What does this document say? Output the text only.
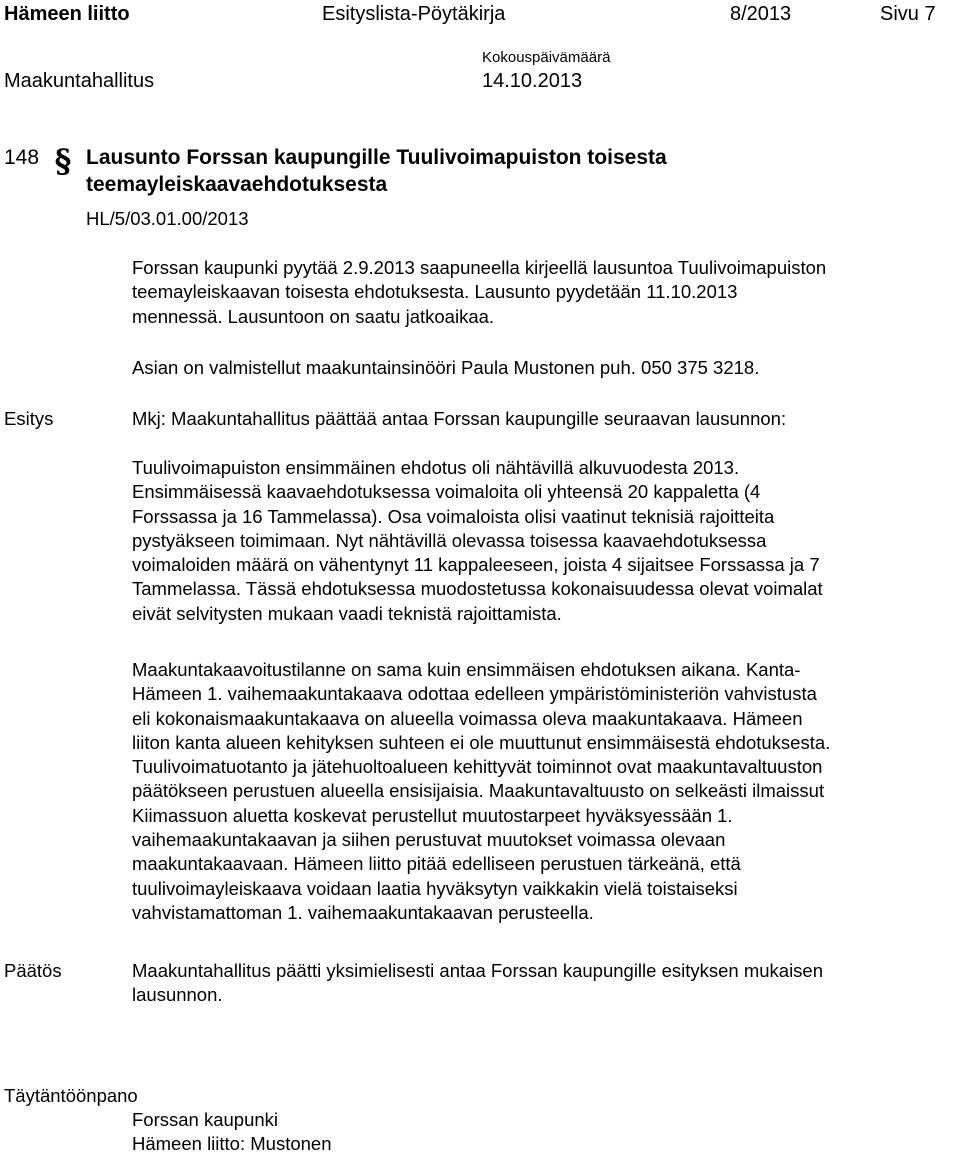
Hämeen liitto	Esityslista-Pöytäkirja	8/2013	Sivu 7
Kokouspäivämäärä
Maakuntahallitus	14.10.2013
148 § Lausunto Forssan kaupungille Tuulivoimapuiston toisesta
teemayleiskaavaehdotuksesta
HL/5/03.01.00/2013
Forssan kaupunki pyytää 2.9.2013 saapuneella kirjeellä lausuntoa Tuulivoimapuiston
teemayleiskaavan toisesta ehdotuksesta. Lausunto pyydetään 11.10.2013
mennessä. Lausuntoon on saatu jatkoaikaa.
Asian on valmistellut maakuntainsinööri Paula Mustonen puh. 050 375 3218.
Esitys	Mkj: Maakuntahallitus päättää antaa Forssan kaupungille seuraavan lausunnon:
Tuulivoimapuiston ensimmäinen ehdotus oli nähtävillä alkuvuodesta 2013.
Ensimmäisessä kaavaehdotuksessa voimaloita oli yhteensä 20 kappaletta (4
Forssassa ja 16 Tammelassa). Osa voimaloista olisi vaatinut teknisiä rajoitteita
pystyäkseen toimimaan. Nyt nähtävillä olevassa toisessa kaavaehdotuksessa
voimaloiden määrä on vähentynyt 11 kappaleeseen, joista 4 sijaitsee Forssassa ja 7
Tammelassa. Tässä ehdotuksessa muodostetussa kokonaisuudessa olevat voimalat
eivät selvitysten mukaan vaadi teknistä rajoittamista.
Maakuntakaavoitustilanne on sama kuin ensimmäisen ehdotuksen aikana. Kanta-
Hämeen 1. vaihemaakuntakaava odottaa edelleen ympäristöministeriön vahvistusta
eli kokonaismaakuntakaava on alueella voimassa oleva maakuntakaava. Hämeen
liiton kanta alueen kehityksen suhteen ei ole muuttunut ensimmäisestä ehdotuksesta.
Tuulivoimatuotanto ja jätehuoltoalueen kehittyvät toiminnot ovat maakuntavaltuuston
päätökseen perustuen alueella ensisijaisia. Maakuntavaltuusto on selkeästi ilmaissut
Kiimassuon aluetta koskevat perustellut muutostarpeet hyväksyessään 1.
vaihemaakuntakaavan ja siihen perustuvat muutokset voimassa olevaan
maakuntakaavaan. Hämeen liitto pitää edelliseen perustuen tärkeänä, että
tuulivoimayleiskaava voidaan laatia hyväksytyn vaikkakin vielä toistaiseksi
vahvistamattoman 1. vaihemaakuntakaavan perusteella.
Päätös	Maakuntahallitus päätti yksimielisesti antaa Forssan kaupungille esityksen mukaisen
lausunnon.
Täytäntöönpano
Forssan kaupunki
Hämeen liitto: Mustonen
